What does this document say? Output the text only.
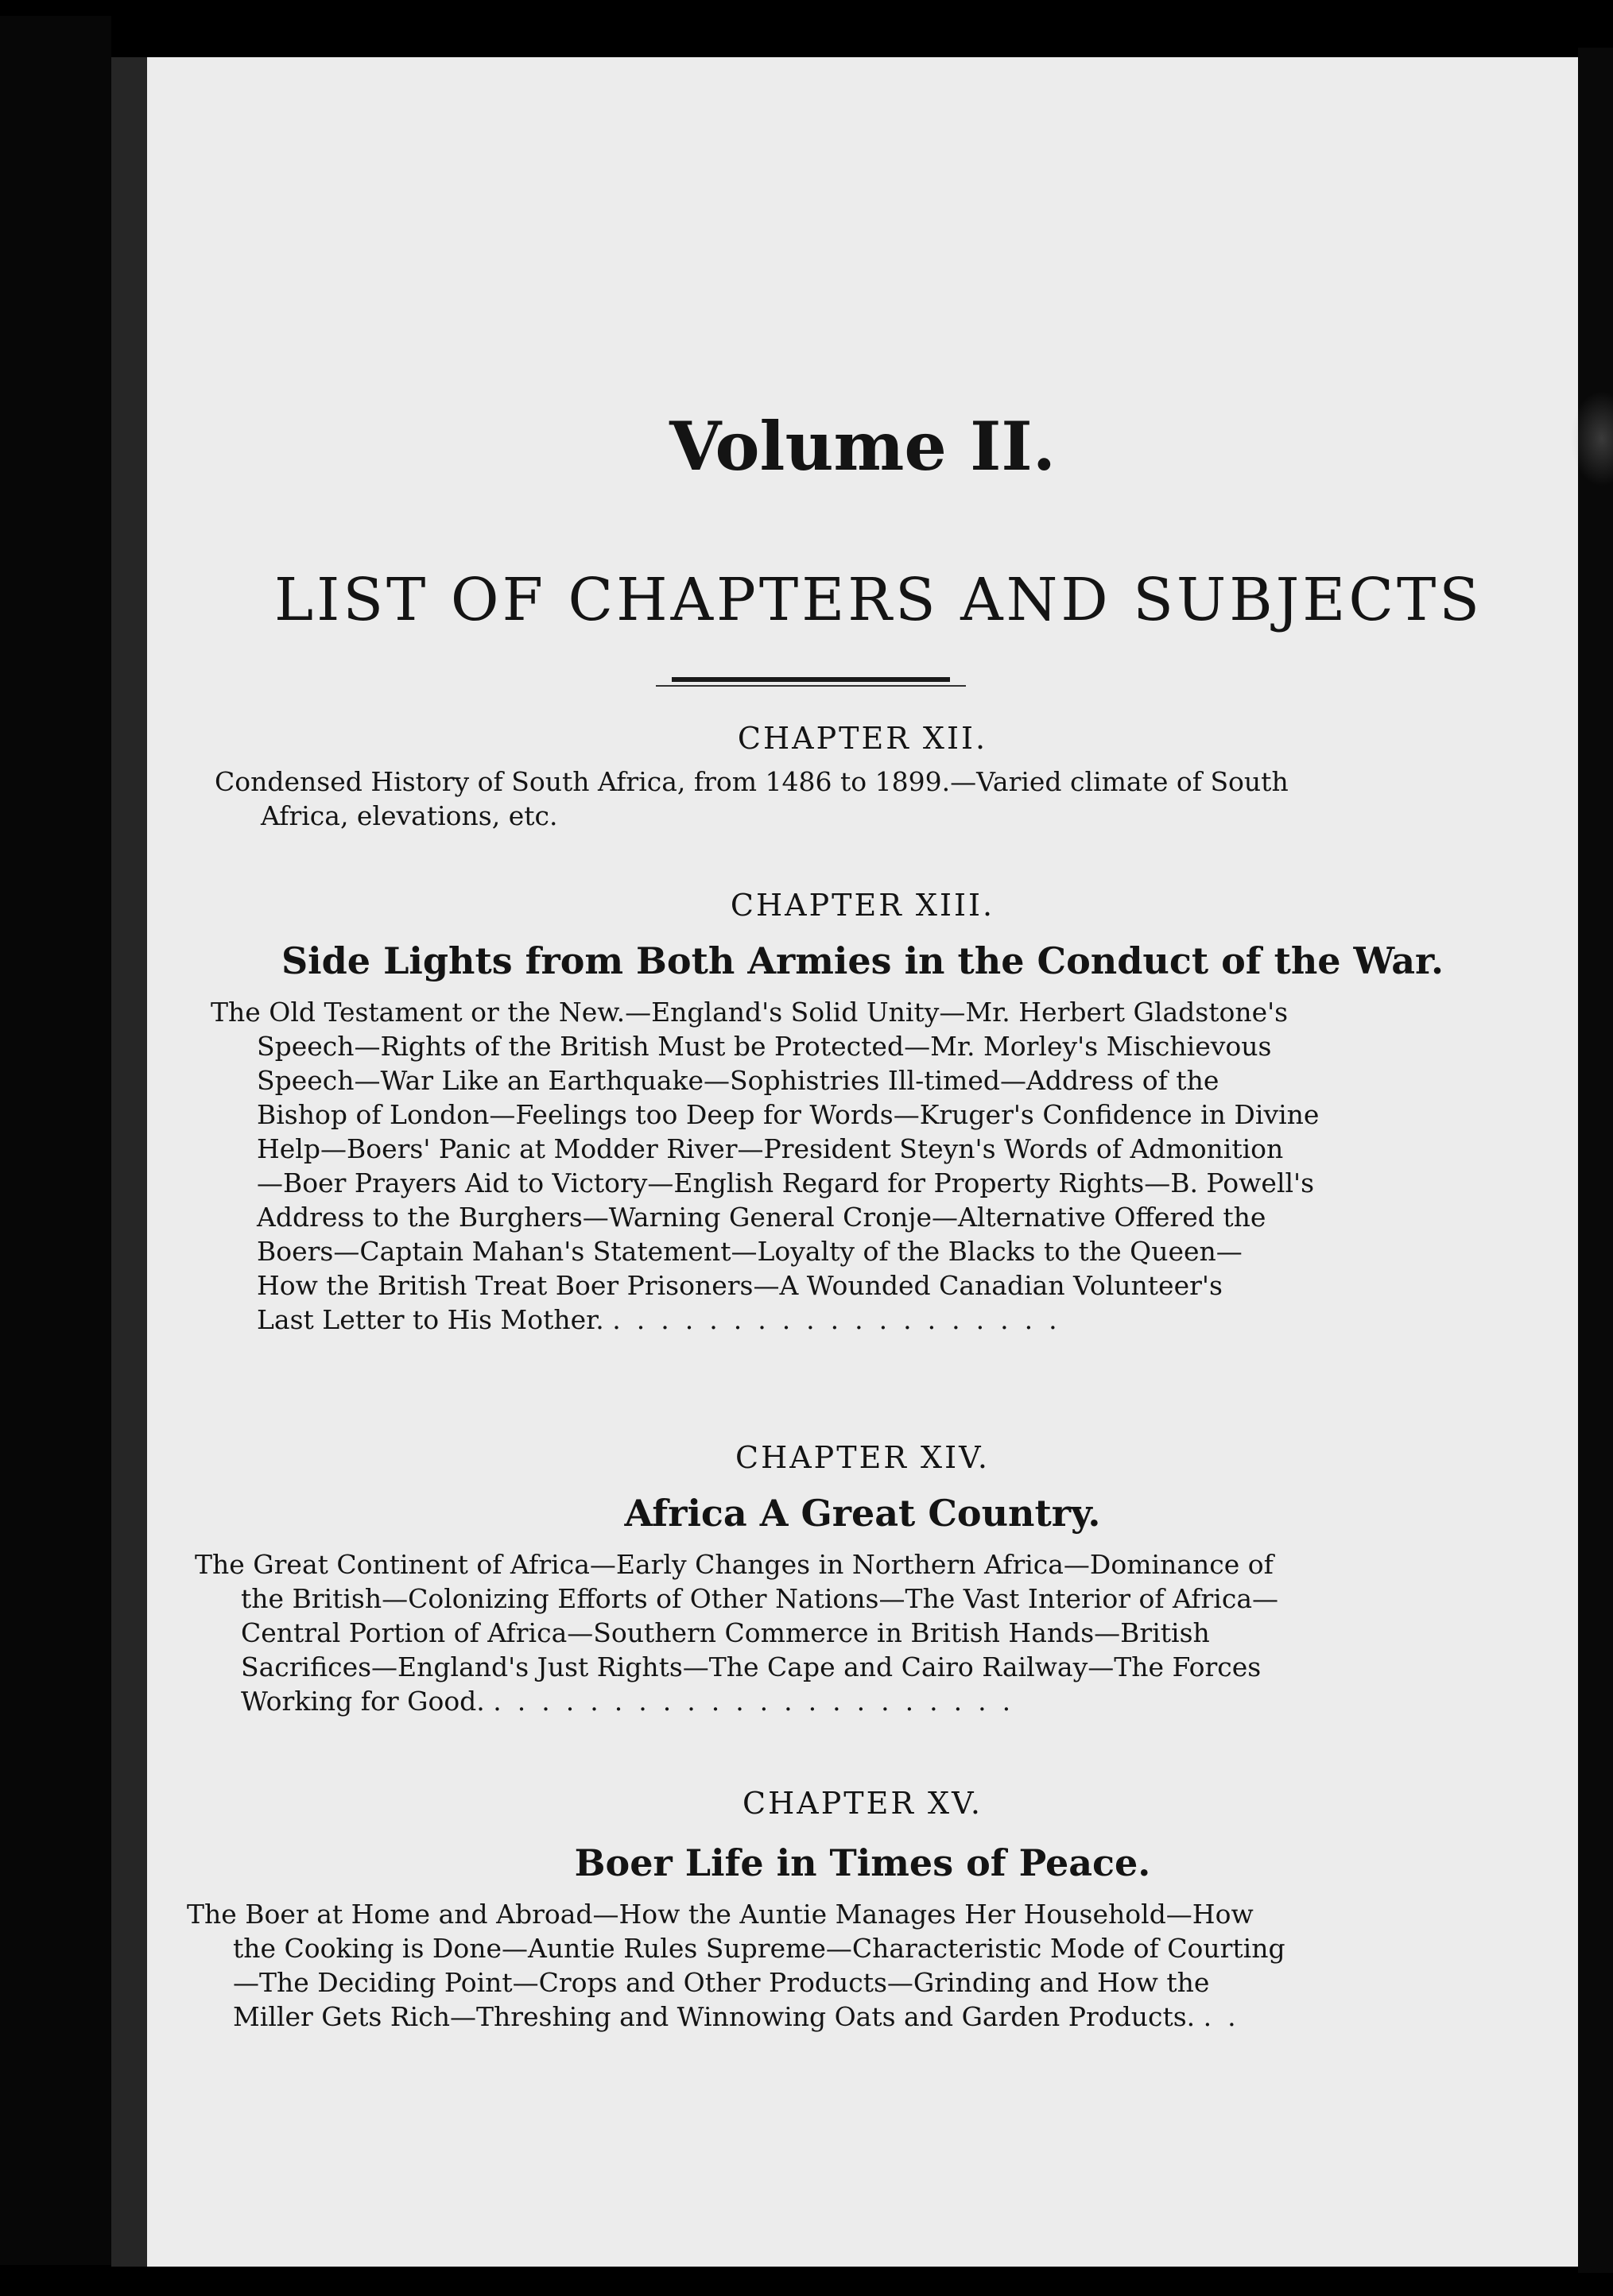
Volume II.
LIST OF CHAPTERS AND SUBJECTS
CHAPTER XII.
Condensed History of South Africa, from 1486 to 1899.—Varied climate of South
Africa, elevations, etc.
CHAPTER XIII.
Side Lights from Both Armies in the Conduct of the War.
The Old Testament or the New.—England's Solid Unity—Mr. Herbert Gladstone's
Speech—Rights of the British Must be Protected—Mr. Morley's Mischievous
Speech—War Like an Earthquake—Sophistries Ill-timed—Address of the
Bishop of London—Feelings too Deep for Words—Kruger's Confidence in Divine
Help—Boers' Panic at Modder River—President Steyn's Words of Admonition
—Boer Prayers Aid to Victory—English Regard for Property Rights—B. Powell's
Address to the Burghers—Warning General Cronje—Alternative Offered the
Boers—Captain Mahan's Statement—Loyalty of the Blacks to the Queen—
How the British Treat Boer Prisoners—A Wounded Canadian Volunteer's
Last Letter to His Mother. ...................
CHAPTER XIV.
Africa A Great Country.
The Great Continent of Africa—Early Changes in Northern Africa—Dominance of
the British—Colonizing Efforts of Other Nations—The Vast Interior of Africa—
Central Portion of Africa—Southern Commerce in British Hands—British
Sacrifices—England's Just Rights—The Cape and Cairo Railway—The Forces
Working for Good. ......................
CHAPTER XV.
Boer Life in Times of Peace.
The Boer at Home and Abroad—How the Auntie Manages Her Household—How
the Cooking is Done—Auntie Rules Supreme—Characteristic Mode of Courting
—The Deciding Point—Crops and Other Products—Grinding and How the
Miller Gets Rich—Threshing and Winnowing Oats and Garden Products. ..
